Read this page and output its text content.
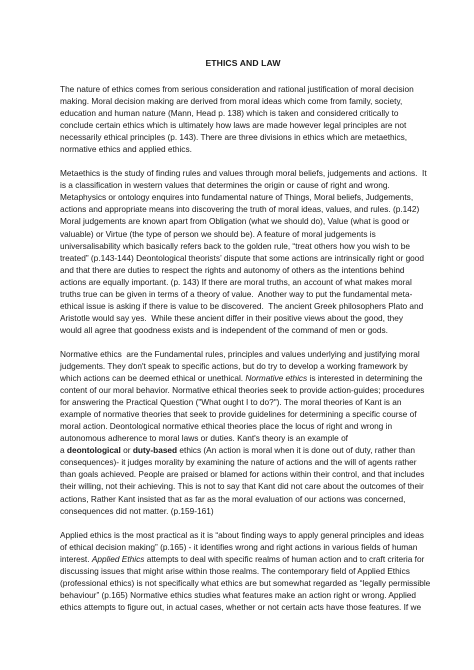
ETHICS AND LAW

The nature of ethics comes from serious consideration and rational justification of moral decision
making. Moral decision making are derived from moral ideas which come from family, society,
education and human nature (Mann, Head p. 138) which is taken and considered critically to
conclude certain ethics which is ultimately how laws are made however legal principles are not
necessarily ethical principles (p. 143). There are three divisions in ethics which are metaethics,
normative ethics and applied ethics.

Metaethics is the study of finding rules and values through moral beliefs, judgements and actions.  It
is a classification in western values that determines the origin or cause of right and wrong.
Metaphysics or ontology enquires into fundamental nature of Things, Moral beliefs, Judgements,
actions and appropriate means into discovering the truth of moral ideas, values, and rules. (p.142)
Moral judgements are known apart from Obligation (what we should do), Value (what is good or
valuable) or Virtue (the type of person we should be). A feature of moral judgements is
universalisability which basically refers back to the golden rule, “treat others how you wish to be
treated” (p.143-144) Deontological theorists’ dispute that some actions are intrinsically right or good
and that there are duties to respect the rights and autonomy of others as the intentions behind
actions are equally important. (p. 143) If there are moral truths, an account of what makes moral
truths true can be given in terms of a theory of value.  Another way to put the fundamental meta-
ethical issue is asking if there is value to be discovered.  The ancient Greek philosophers Plato and
Aristotle would say yes.  While these ancient differ in their positive views about the good, they
would all agree that goodness exists and is independent of the command of men or gods.

Normative ethics  are the Fundamental rules, principles and values underlying and justifying moral
judgements. They don't speak to specific actions, but do try to develop a working framework by
which actions can be deemed ethical or unethical. Normative ethics is interested in determining the
content of our moral behavior. Normative ethical theories seek to provide action-guides; procedures
for answering the Practical Question ("What ought I to do?"). The moral theories of Kant is an
example of normative theories that seek to provide guidelines for determining a specific course of
moral action. Deontological normative ethical theories place the locus of right and wrong in
autonomous adherence to moral laws or duties. Kant's theory is an example of
a deontological or duty-based ethics (An action is moral when it is done out of duty, rather than
consequences)- it judges morality by examining the nature of actions and the will of agents rather
than goals achieved. People are praised or blamed for actions within their control, and that includes
their willing, not their achieving. This is not to say that Kant did not care about the outcomes of their
actions, Rather Kant insisted that as far as the moral evaluation of our actions was concerned,
consequences did not matter. (p.159-161)

Applied ethics is the most practical as it is “about finding ways to apply general principles and ideas
of ethical decision making” (p.165) - it identifies wrong and right actions in various fields of human
interest. Applied Ethics attempts to deal with specific realms of human action and to craft criteria for
discussing issues that might arise within those realms. The contemporary field of Applied Ethics
(professional ethics) is not specifically what ethics are but somewhat regarded as “legally permissible
behaviour” (p.165) Normative ethics studies what features make an action right or wrong. Applied
ethics attempts to figure out, in actual cases, whether or not certain acts have those features. If we
